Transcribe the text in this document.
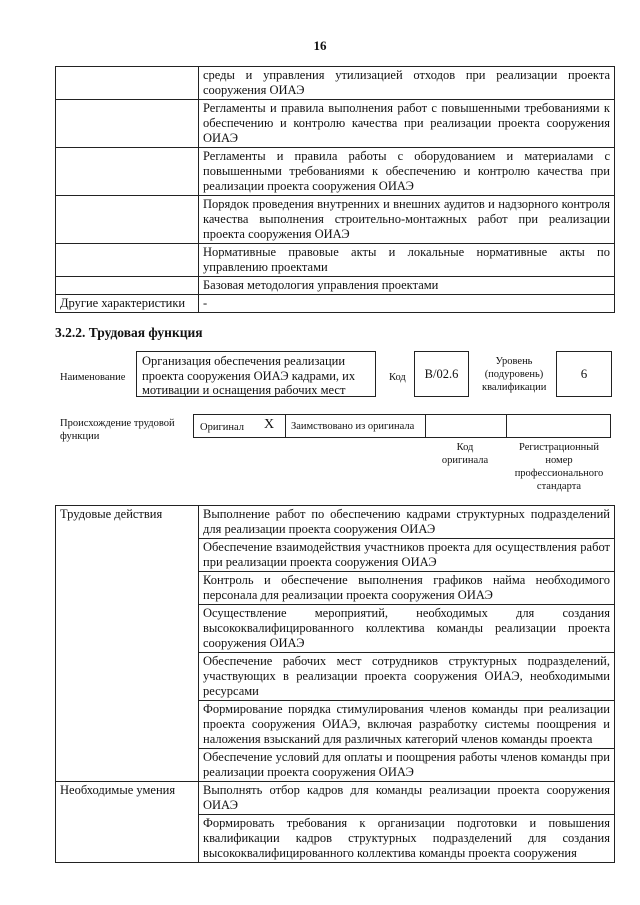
16
	среды и управления утилизацией отходов при реализации проекта сооружения ОИАЭ
	Регламенты и правила выполнения работ с повышенными требованиями к обеспечению и контролю качества при реализации проекта сооружения ОИАЭ
	Регламенты и правила работы с оборудованием и материалами с повышенными требованиями к обеспечению и контролю качества при реализации проекта сооружения ОИАЭ
	Порядок проведения внутренних и внешних аудитов и надзорного контроля качества выполнения строительно-монтажных работ при реализации проекта сооружения ОИАЭ
	Нормативные правовые акты и локальные нормативные акты по управлению проектами
	Базовая методология управления проектами
Другие характеристики	-
3.2.2. Трудовая функция
Наименование
Организация обеспечения реализации проекта сооружения ОИАЭ кадрами, их мотивации и оснащения рабочих мест
Код	B/02.6
Уровень (подуровень) квалификации
6
Происхождение трудовой функции
Оригинал X Заимствовано из оригинала
Код оригинала
Регистрационный номер профессионального стандарта
Трудовые действия	Выполнение работ по обеспечению кадрами структурных подразделений для реализации проекта сооружения ОИАЭ
	Обеспечение взаимодействия участников проекта для осуществления работ при реализации проекта сооружения ОИАЭ
	Контроль и обеспечение выполнения графиков найма необходимого персонала для реализации проекта сооружения ОИАЭ
	Осуществление мероприятий, необходимых для создания высококвалифицированного коллектива команды реализации проекта сооружения ОИАЭ
	Обеспечение рабочих мест сотрудников структурных подразделений, участвующих в реализации проекта сооружения ОИАЭ, необходимыми ресурсами
	Формирование порядка стимулирования членов команды при реализации проекта сооружения ОИАЭ, включая разработку системы поощрения и наложения взысканий для различных категорий членов команды проекта
	Обеспечение условий для оплаты и поощрения работы членов команды при реализации проекта сооружения ОИАЭ
Необходимые умения	Выполнять отбор кадров для команды реализации проекта сооружения ОИАЭ
	Формировать требования к организации подготовки и повышения квалификации кадров структурных подразделений для создания высококвалифицированного коллектива команды проекта сооружения
